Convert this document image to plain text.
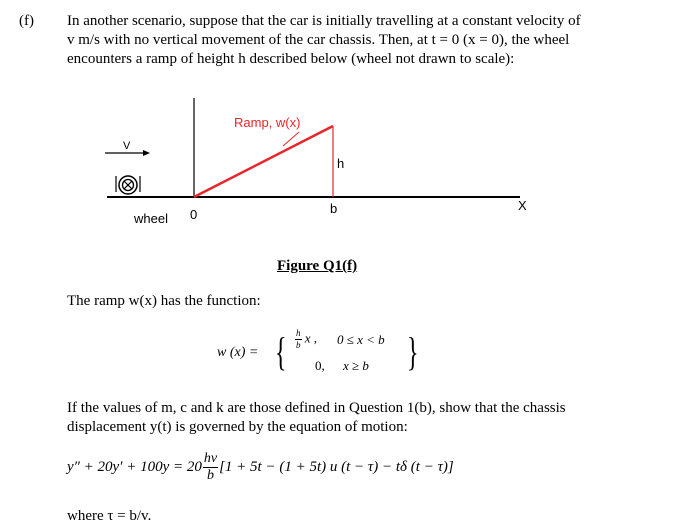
(f) In another scenario, suppose that the car is initially travelling at a constant velocity of
v m/s with no vertical movement of the car chassis. Then, at t = 0 (x = 0), the wheel
encounters a ramp of height h described below (wheel not drawn to scale):
V
Ramp, w(x)
h
b	X
0
wheel
Figure Q1(f)
The ramp w(x) has the function:
w (x) = { $\frac{h}{b}$ x , 0 ≤ x < b
0, x ≥ b }
If the values of m, c and k are those defined in Question 1(b), show that the chassis
displacement y(t) is governed by the equation of motion:
$y'' + 20y' + 100y = 20 \frac{hv}{b} [1 + 5t - (1 + 5t)$ u (t − τ) − tδ (t − τ)]
where τ = b/v.
